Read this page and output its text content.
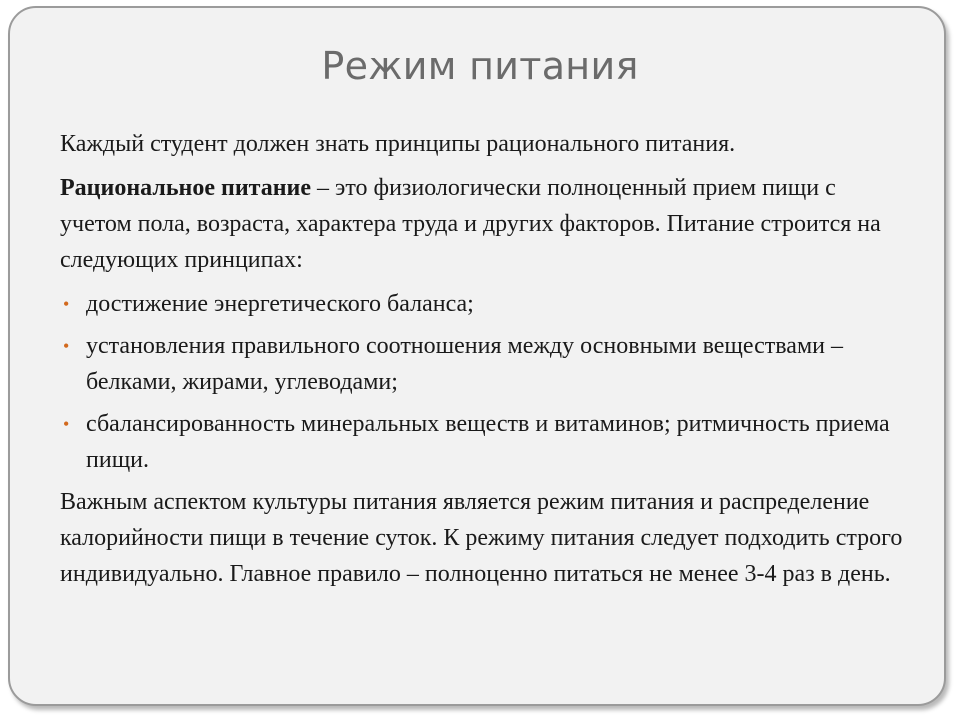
Режим питания

Каждый студент должен знать принципы рационального питания.

Рациональное питание – это физиологически полноценный прием пищи с учетом пола, возраста, характера труда и других факторов. Питание строится на следующих принципах:

• достижение энергетического баланса;
• установления правильного соотношения между основными веществами – белками, жирами, углеводами;
• сбалансированность минеральных веществ и витаминов; ритмичность приема пищи.

Важным аспектом культуры питания является режим питания и распределение калорийности пищи в течение суток. К режиму питания следует подходить строго индивидуально. Главное правило – полноценно питаться не менее 3-4 раз в день.
